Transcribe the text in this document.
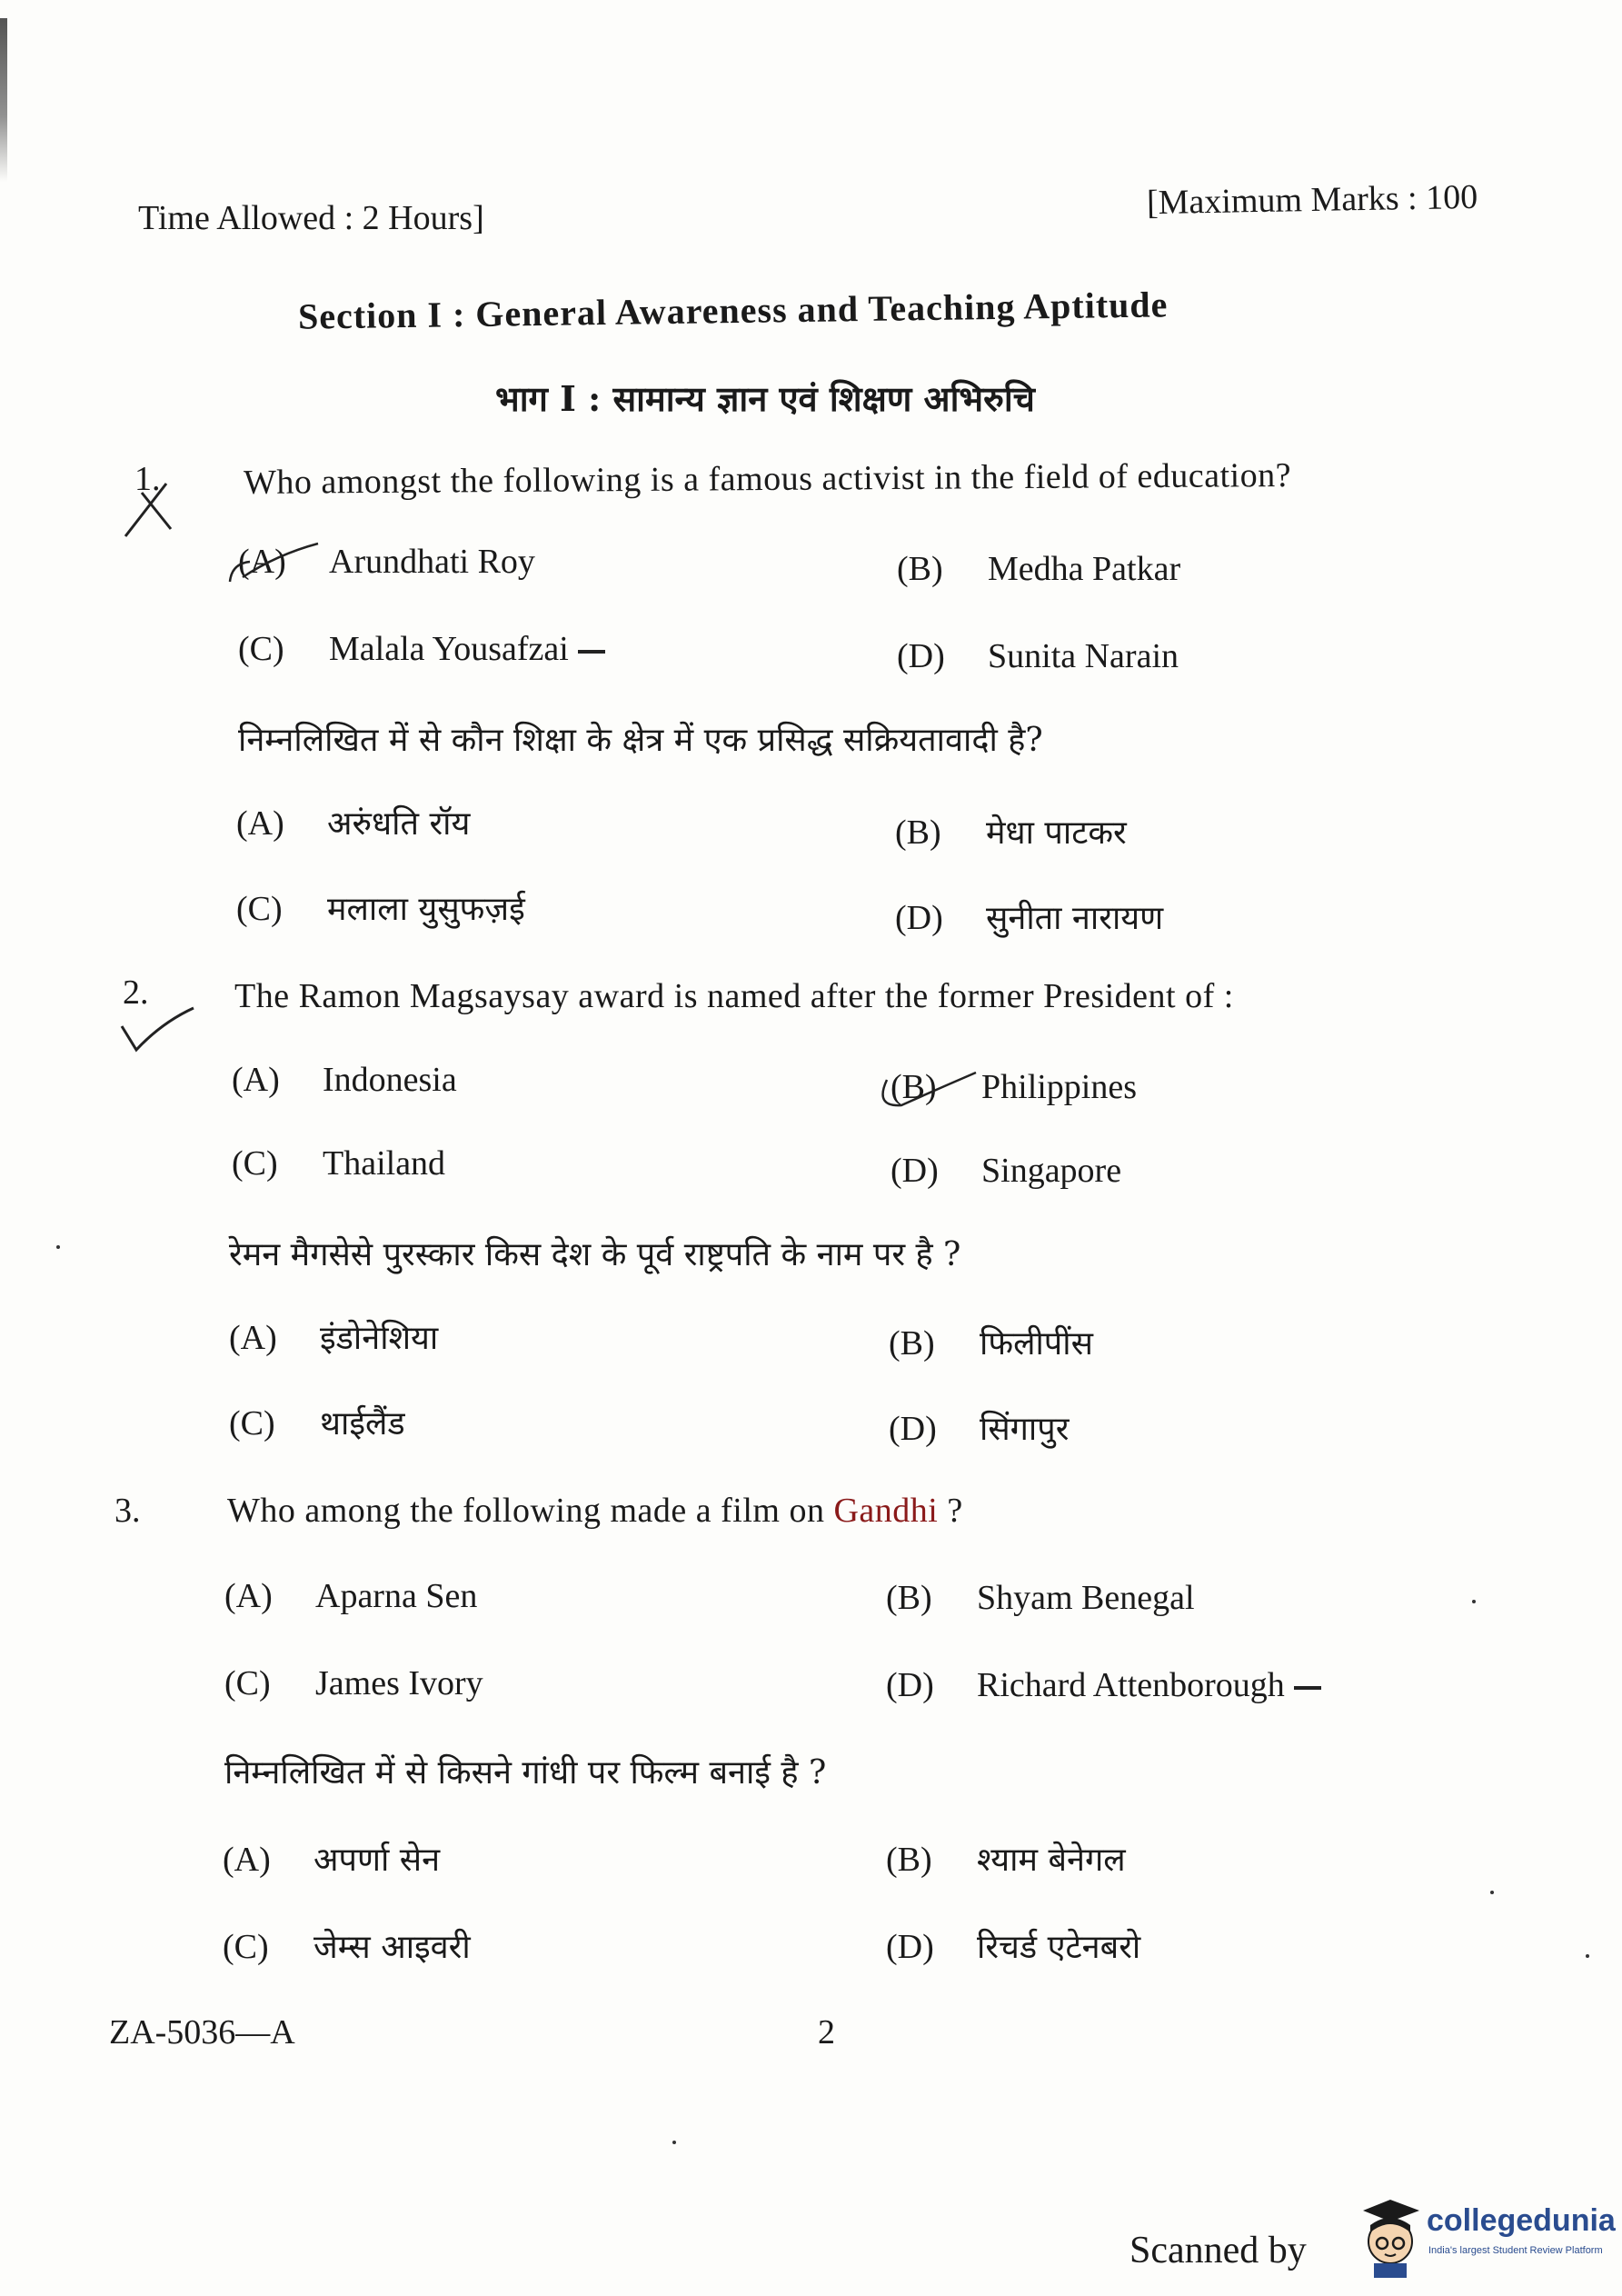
Time Allowed : 2 Hours]	[Maximum Marks : 100
Section I : General Awareness and Teaching Aptitude
भाग I : सामान्य ज्ञान एवं शिक्षण अभिरुचि
1. Who amongst the following is a famous activist in the field of education?
(A) Arundhati Roy	(B) Medha Patkar
(C) Malala Yousafzai	(D) Sunita Narain
निम्नलिखित में से कौन शिक्षा के क्षेत्र में एक प्रसिद्ध सक्रियतावादी है?
(A) अरुंधति रॉय	(B) मेधा पाटकर
(C) मलाला युसुफज़ई	(D) सुनीता नारायण
2. The Ramon Magsaysay award is named after the former President of :
(A) Indonesia	(B) Philippines
(C) Thailand	(D) Singapore
रेमन मैगसेसे पुरस्कार किस देश के पूर्व राष्ट्रपति के नाम पर है ?
(A) इंडोनेशिया	(B) फिलीपींस
(C) थाईलैंड	(D) सिंगापुर
3.	Who among the following made a film on Gandhi ?
(A) Aparna Sen	(B) Shyam Benegal
(C) James Ivory	(D) Richard Attenborough
निम्नलिखित में से किसने गांधी पर फिल्म बनाई है ?
(A) अपर्णा सेन	(B) श्याम बेनेगल
(C) जेम्स आइवरी	(D) रिचर्ड एटेनबरो
ZA-5036—A	2
Scanned by
collegedunia
India's largest Student Review Platform
